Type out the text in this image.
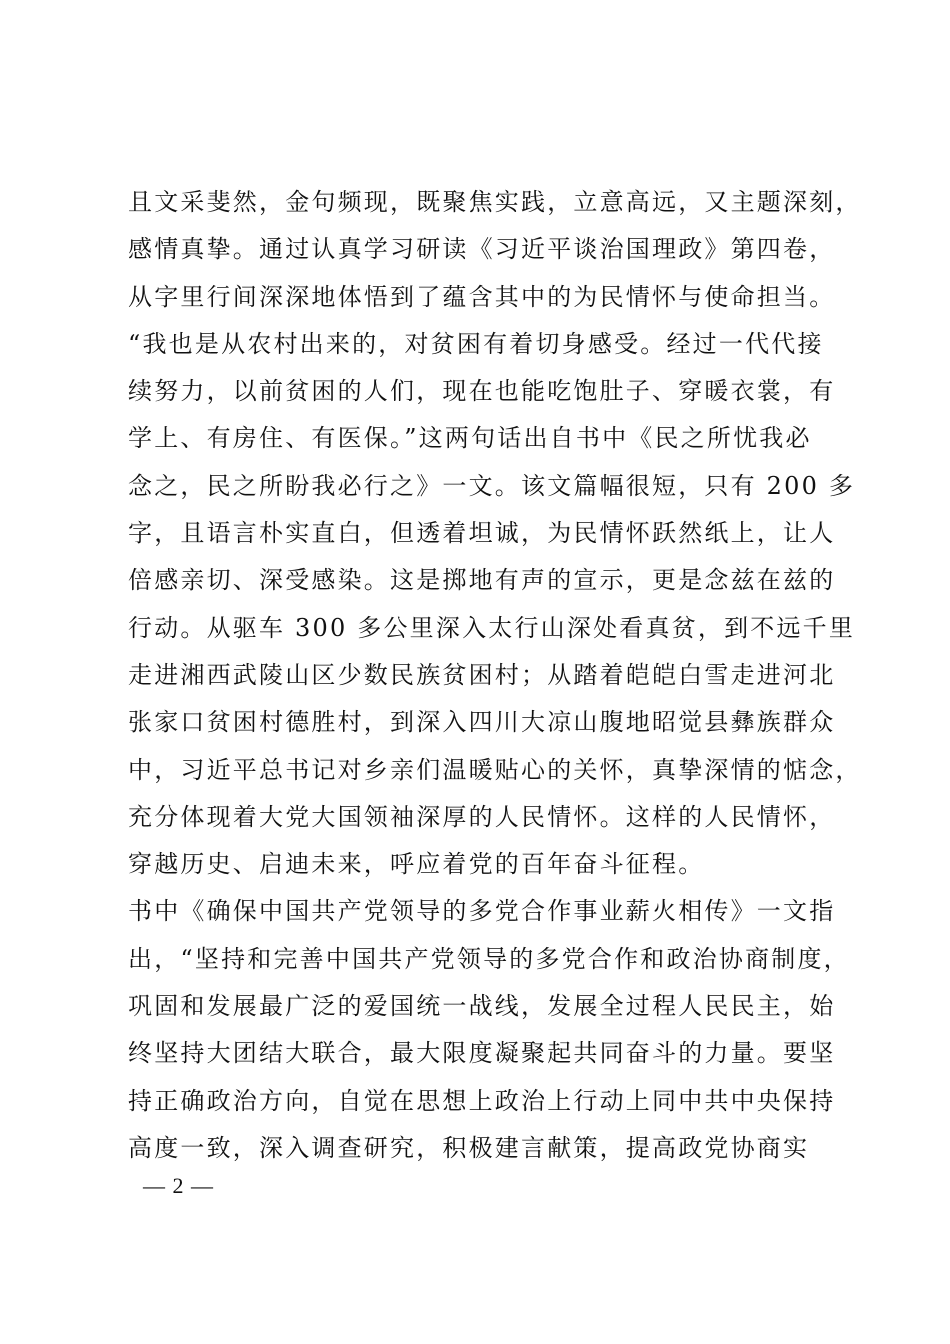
且文采斐然，金句频现，既聚焦实践，立意高远，又主题深刻，
感情真挚。通过认真学习研读《习近平谈治国理政》第四卷，
从字里行间深深地体悟到了蕴含其中的为民情怀与使命担当。
“我也是从农村出来的，对贫困有着切身感受。经过一代代接
续努力，以前贫困的人们，现在也能吃饱肚子、穿暖衣裳，有
学上、有房住、有医保。”这两句话出自书中《民之所忧我必
念之，民之所盼我必行之》一文。该文篇幅很短，只有 200 多
字，且语言朴实直白，但透着坦诚，为民情怀跃然纸上，让人
倍感亲切、深受感染。这是掷地有声的宣示，更是念兹在兹的
行动。从驱车 300 多公里深入太行山深处看真贫，到不远千里
走进湘西武陵山区少数民族贫困村；从踏着皑皑白雪走进河北
张家口贫困村德胜村，到深入四川大凉山腹地昭觉县彝族群众
中，习近平总书记对乡亲们温暖贴心的关怀，真挚深情的惦念，
充分体现着大党大国领袖深厚的人民情怀。这样的人民情怀，
穿越历史、启迪未来，呼应着党的百年奋斗征程。
书中《确保中国共产党领导的多党合作事业薪火相传》一文指
出，“坚持和完善中国共产党领导的多党合作和政治协商制度，
巩固和发展最广泛的爱国统一战线，发展全过程人民民主，始
终坚持大团结大联合，最大限度凝聚起共同奋斗的力量。要坚
持正确政治方向，自觉在思想上政治上行动上同中共中央保持
高度一致，深入调查研究，积极建言献策，提高政党协商实
— 2 —
